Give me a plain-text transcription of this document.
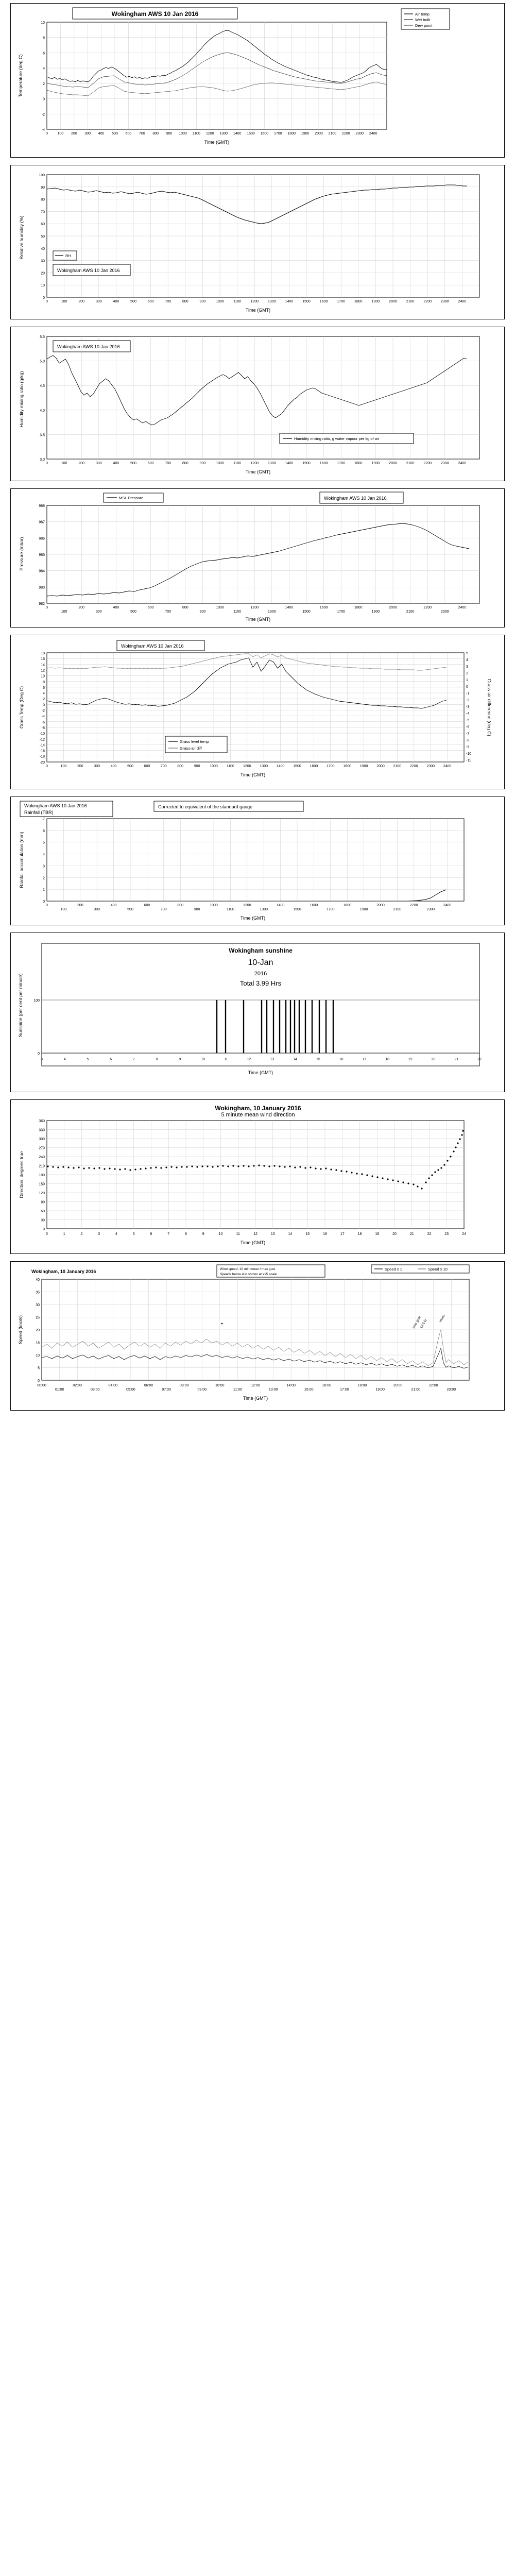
Wokingham AWS 10 Jan 2016
10
8
6
4
2
0
-2
-4
0	100 200 300 400 500 600 700 800 900 1000 1100 1200 1300 1400 1500 1600 1700 1800 1900 2000 2100 2200 2300 2400
Time (GMT)
Temperature (deg C)
Air temp
Wet bulb
Dew point
100
90
80
70
60
50
40
30
20
10
0
0	100	200	300	400	500	600	700	800	900	1000	1100	1200	1300	1400	1500	1600	1700	1800	1900	2000	2100	2200	2300	2400
Time (GMT)
Relative humidity (%)
Wokingham AWS 10 Jan 2016
RH
5.5
5.0
4.5
4.0
3.5
3.0
0	100	200	300	400	500	600	700	800	900	1000	1100	1200	1300	1400	1500	1600	1700	1800	1900	2000	2100	2200	2300	2400
Time (GMT)
Humidity mixing ratio (g/kg)
Wokingham AWS 10 Jan 2016
Humidity mixing ratio, g water vapour per kg of air
988
987
986
985
984
983
982
0
100
200
300
400
500
600
700
800
900
1000
1100
1200
1300
1400
1500
1600
1700
1800
1900
2000
2100
2200
2300
2400
Time (GMT)
Pressure (mbar)
MSL Pressure	Wokingham AWS 10 Jan 2016
18
16
14
12
10
8
6
4
2
0
-2
-4
-6
-8
-10
-12
-14
-16
-18
-20
5
4
3
2
1
0
-1
-2
-3
-4
-5
-6
-7
-8
-9
-10
-11
0	100	200	300	400	500	600	700	800	900	1000 1100 1200 1300 1400 1500 1600 1700 1800 1900 2000 2100 2200 2300 2400
Time (GMT)
Grass Temp (Deg C)	Grass-air difference (deg C)
Wokingham AWS 10 Jan 2016
Grass level temp
Grass-air diff
7
6
5
4
3
2
1
0
0
100
200
300
400
500
600
700
800
900
1000
1100
1200
1300
1400
1500
1600
1700
1800
1900
2000
2100
2200
2300
2400
Time (GMT)
Rainfall accumulation (mm)
Wokingham AWS 10 Jan 2016
Rainfall (TBR)
Corrected to equivalent of the standard gauge
Wokingham sunshine
10-Jan
2016
Total 3.99 Hrs
100
0
3	4	5	6	7	8	9	10	11	12	13	14	15	16	17	18	19	20	21	22
Time (GMT)
Sunshine (per cent per minute)
Wokingham, 10 January 2016
5 minute mean wind direction
360
330
300
270
240
210
180
150
120
90
60
30
0
0	1	2	3	4	5	6	7	8	9	10	11	12	13	14	15	16	17	18	19	20	21	22	23	24
Time (GMT)
Direction, degrees true
Wokingham, 10 January 2016	Wind speed, 10 min mean / max gust
Speeds below 4 kt shown at x15 scale
Speed x 1	Speed x 10
40
35
30
25
20
15
10
5
0
00:00
01:00
02:00
03:00
04:00
05:00
06:00
07:00
08:00
09:00
10:00
11:00
12:00
13:00
14:00
15:00
16:00
17:00
18:00
19:00
20:00
21:00
22:00
23:00
Time (GMT)
Speed (knots)	max gust
18.5 kt
mean
